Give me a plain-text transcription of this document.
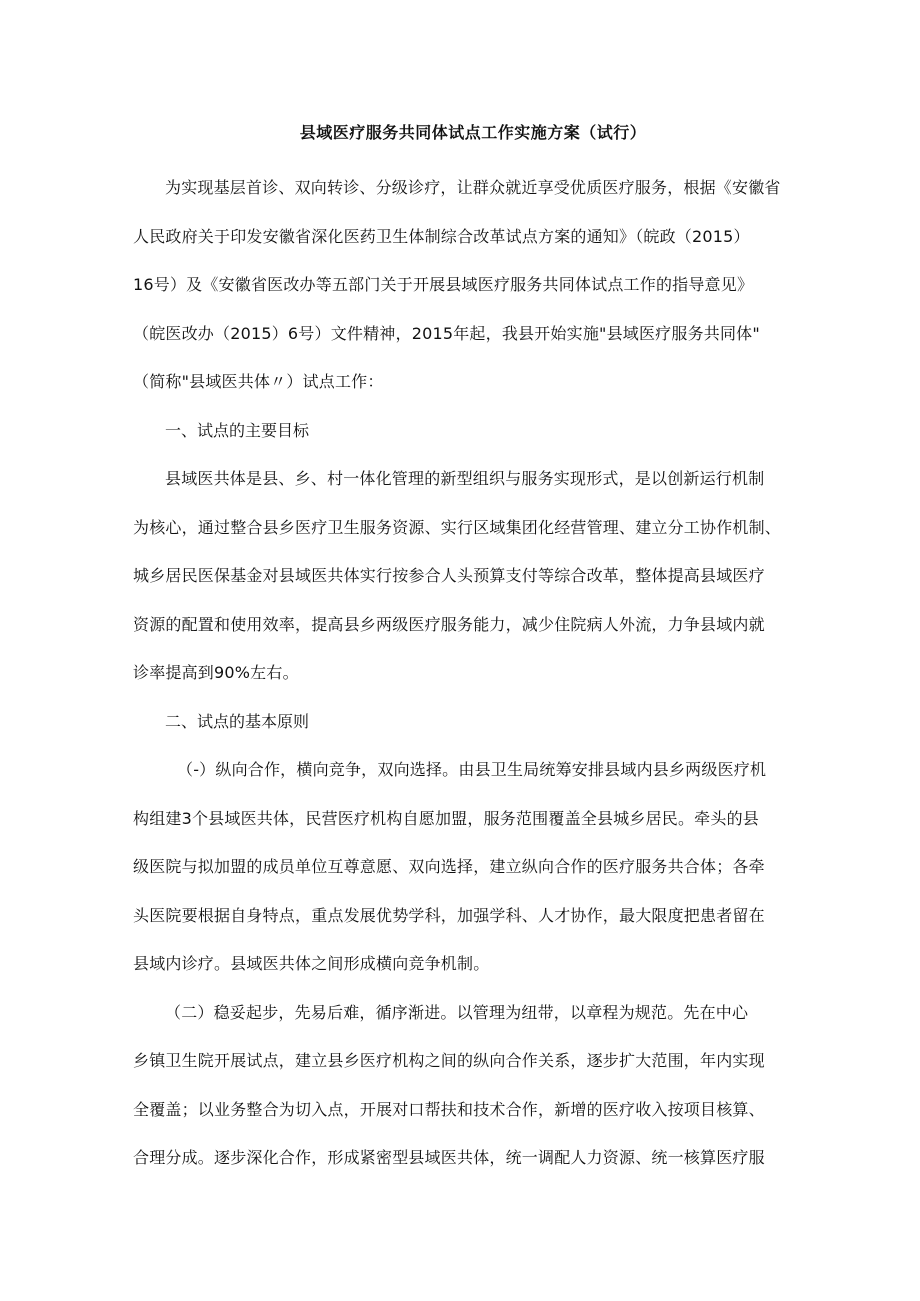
县域医疗服务共同体试点工作实施方案（试行）
为实现基层首诊、双向转诊、分级诊疗，让群众就近享受优质医疗服务，根据《安徽省
人民政府关于印发安徽省深化医药卫生体制综合改革试点方案的通知》（皖政（2015）
16号）及《安徽省医改办等五部门关于开展县域医疗服务共同体试点工作的指导意见》
（皖医改办（2015）6号）文件精神，2015年起，我县开始实施"县域医疗服务共同体"
（简称"县域医共体〃）试点工作：
一、试点的主要目标
县域医共体是县、乡、村一体化管理的新型组织与服务实现形式，是以创新运行机制
为核心，通过整合县乡医疗卫生服务资源、实行区域集团化经营管理、建立分工协作机制、
城乡居民医保基金对县域医共体实行按参合人头预算支付等综合改革，整体提高县域医疗
资源的配置和使用效率，提高县乡两级医疗服务能力，减少住院病人外流，力争县域内就
诊率提高到90%左右。
二、试点的基本原则
（-）纵向合作，横向竞争，双向选择。由县卫生局统筹安排县域内县乡两级医疗机
构组建3个县域医共体，民营医疗机构自愿加盟，服务范围覆盖全县城乡居民。牵头的县
级医院与拟加盟的成员单位互尊意愿、双向选择，建立纵向合作的医疗服务共合体；各牵
头医院要根据自身特点，重点发展优势学科，加强学科、人才协作，最大限度把患者留在
县域内诊疗。县域医共体之间形成横向竞争机制。
（二）稳妥起步，先易后难，循序渐进。以管理为纽带，以章程为规范。先在中心
乡镇卫生院开展试点，建立县乡医疗机构之间的纵向合作关系，逐步扩大范围，年内实现
全覆盖；以业务整合为切入点，开展对口帮扶和技术合作，新增的医疗收入按项目核算、
合理分成。逐步深化合作，形成紧密型县域医共体，统一调配人力资源、统一核算医疗服
